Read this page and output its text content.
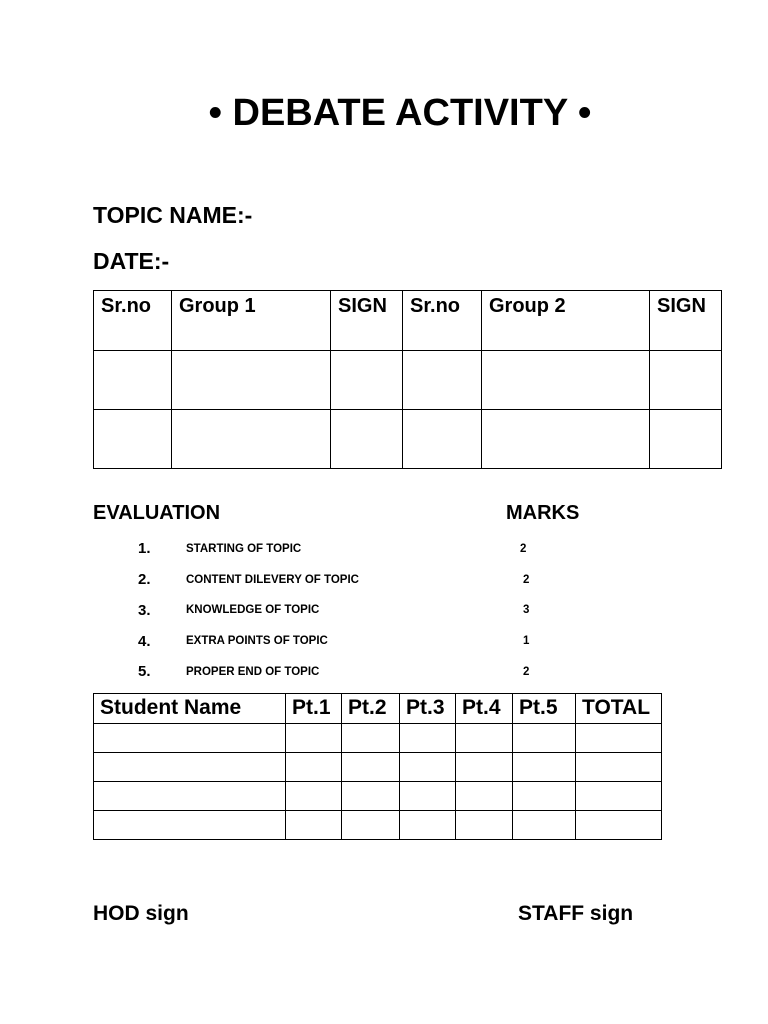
• DEBATE ACTIVITY •
TOPIC NAME:-
DATE:-
Sr.no	Group 1	SIGN	Sr.no	Group 2	SIGN

EVALUATION	MARKS
1.	STARTING OF TOPIC	2
2.	CONTENT DILEVERY OF TOPIC	2
3.	KNOWLEDGE OF TOPIC	3
4.	EXTRA POINTS OF TOPIC	1
5.	PROPER END OF TOPIC	2
Student Name	Pt.1	Pt.2	Pt.3	Pt.4	Pt.5	TOTAL

HOD sign	STAFF sign
